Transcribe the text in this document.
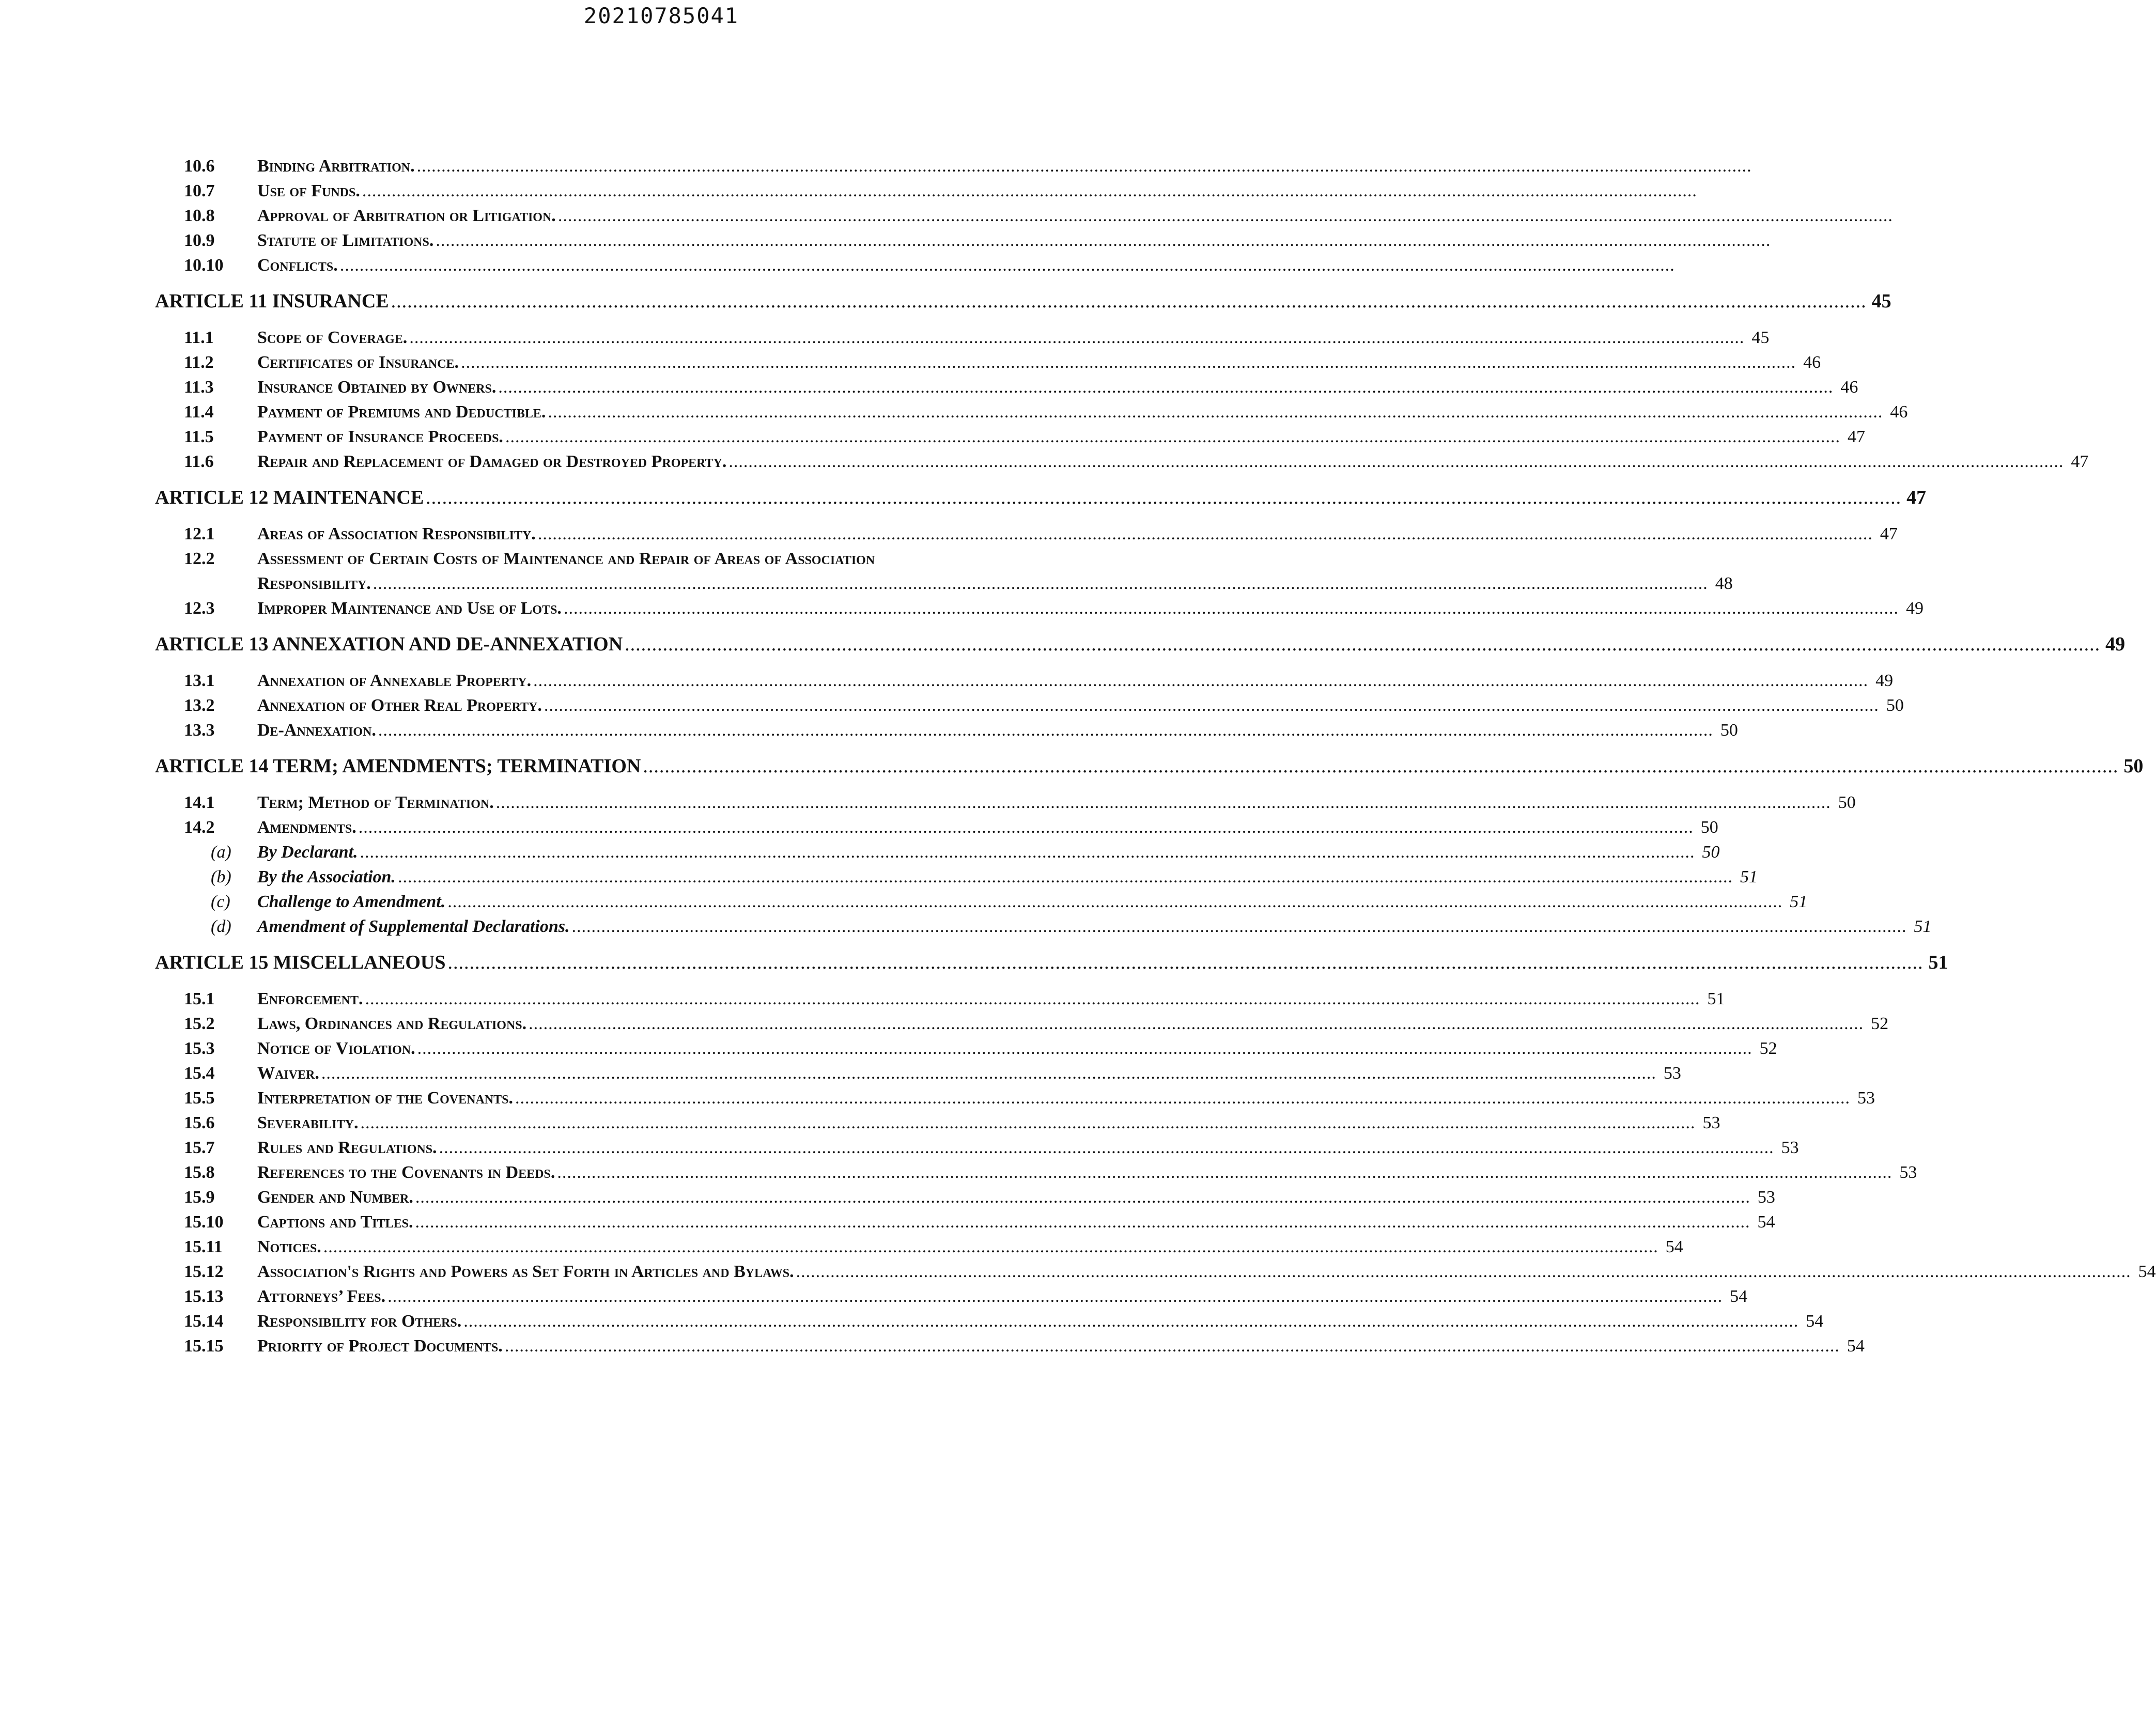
20210785041
10.6	Binding Arbitration.
.....
10.7	Use of Funds.
.....
10.8	Approval of Arbitration or Litigation.
.....
10.9	Statute of Limitations.
.....
10.10	Conflicts.
.....
ARTICLE 11 INSURANCE .....	45
11.1	Scope of Coverage. .....	45
11.2	Certificates of Insurance. .....	46
11.3	Insurance Obtained by Owners. .....	46
11.4	Payment of Premiums and Deductible. .....	46
11.5	Payment of Insurance Proceeds. .....	47
11.6	Repair and Replacement of Damaged or Destroyed Property. .....	47
ARTICLE 12 MAINTENANCE .....	47
12.1	Areas of Association Responsibility. .....	47
12.2	Assessment of Certain Costs of Maintenance and Repair of Areas of Association
Responsibility. .....	48
12.3	Improper Maintenance and Use of Lots. .....	49
ARTICLE 13 ANNEXATION AND DE-ANNEXATION .....	49
13.1	Annexation of Annexable Property. .....	49
13.2	Annexation of Other Real Property. .....	50
13.3	De-Annexation. .....	50
ARTICLE 14 TERM; AMENDMENTS; TERMINATION .....	50
14.1	Term; Method of Termination. .....	50
14.2	Amendments. .....	50
(a)	By Declarant. .....	50
(b)	By the Association. .....	51
(c)	Challenge to Amendment. .....	51
(d)	Amendment of Supplemental Declarations. .....	51
ARTICLE 15 MISCELLANEOUS .....	51
15.1	Enforcement. .....	51
15.2	Laws, Ordinances and Regulations. .....	52
15.3	Notice of Violation. .....	52
15.4	Waiver. .....	53
15.5	Interpretation of the Covenants. .....	53
15.6	Severability. .....	53
15.7	Rules and Regulations. .....	53
15.8	References to the Covenants in Deeds. .....	53
15.9	Gender and Number. .....	53
15.10	Captions and Titles. .....	54
15.11	Notices. .....	54
15.12	Association's Rights and Powers as Set Forth in Articles and Bylaws. .....	54
15.13	Attorneys’ Fees. .....	54
15.14	Responsibility for Others. .....	54
15.15	Priority of Project Documents. .....	54
